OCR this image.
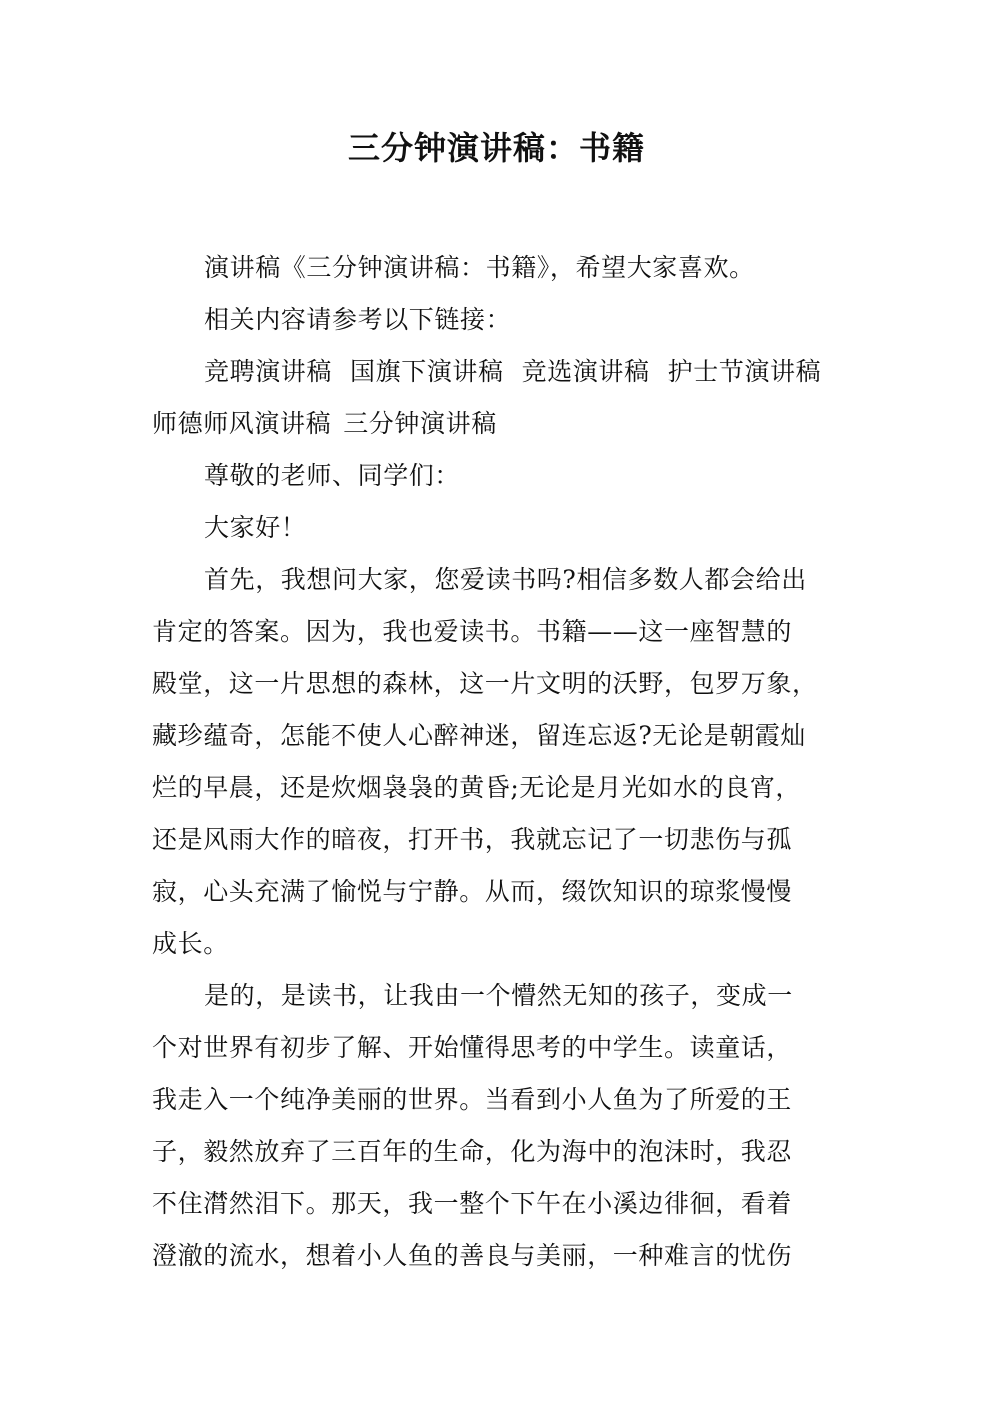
三分钟演讲稿：书籍
演讲稿《三分钟演讲稿：书籍》，希望大家喜欢。
相关内容请参考以下链接：
竞聘演讲稿 国旗下演讲稿 竞选演讲稿 护士节演讲稿
师德师风演讲稿 三分钟演讲稿
尊敬的老师、同学们：
大家好！
首先，我想问大家，您爱读书吗?相信多数人都会给出
肯定的答案。因为，我也爱读书。书籍——这一座智慧的
殿堂，这一片思想的森林，这一片文明的沃野，包罗万象，
藏珍蕴奇，怎能不使人心醉神迷，留连忘返?无论是朝霞灿
烂的早晨，还是炊烟袅袅的黄昏;无论是月光如水的良宵，
还是风雨大作的暗夜，打开书，我就忘记了一切悲伤与孤
寂，心头充满了愉悦与宁静。从而，缀饮知识的琼浆慢慢
成长。
是的，是读书，让我由一个懵然无知的孩子，变成一
个对世界有初步了解、开始懂得思考的中学生。读童话，
我走入一个纯净美丽的世界。当看到小人鱼为了所爱的王
子，毅然放弃了三百年的生命，化为海中的泡沫时，我忍
不住潸然泪下。那天，我一整个下午在小溪边徘徊，看着
澄澈的流水，想着小人鱼的善良与美丽，一种难言的忧伤
